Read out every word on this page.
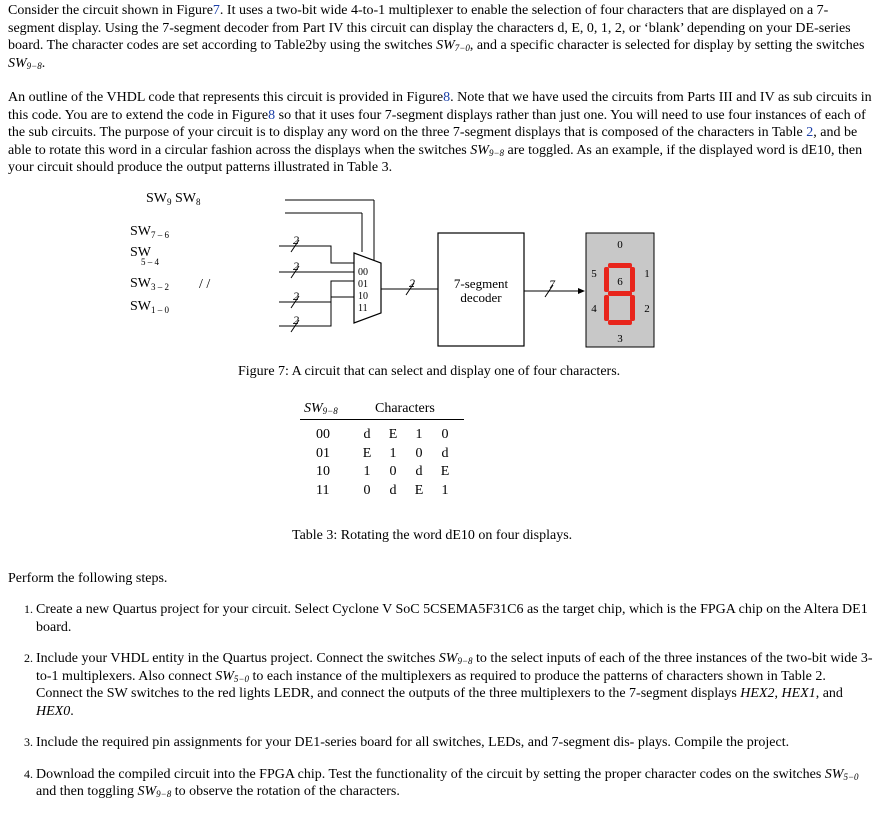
Consider the circuit shown in Figure7. It uses a two-bit wide 4-to-1 multiplexer to enable the selection of four characters that are displayed on a 7-segment display. Using the 7-segment decoder from Part IV this circuit can display the characters d, E, 0, 1, 2, or ‘blank’ depending on your DE-series board. The character codes are set according to Table2by using the switches $SW_{7-0}$, and a specific character is selected for display by setting the switches $SW_{9-8}$.

An outline of the VHDL code that represents this circuit is provided in Figure8. Note that we have used the circuits from Parts III and IV as sub circuits in this code. You are to extend the code in Figure8 so that it uses four 7-segment displays rather than just one. You will need to use four instances of each of the sub circuits. The purpose of your circuit is to display any word on the three 7-segment displays that is composed of the characters in Table 2, and be able to rotate this word in a circular fashion across the displays when the switches $SW_{9-8}$ are toggled. As an example, if the displayed word is dE10, then your circuit should produce the output patterns illustrated in Table 3.

$SW_9$ $SW_8$
$SW_{7 - 6}$
SW 5 – 4
$SW_{3 - 2}$
$SW_{1 - 0}$
/ /
2
2
2
2
00
01
10
11
2	7-segment
decoder
7
0
1
2
3
4
5
6
Figure 7: A circuit that can select and display one of four characters.
$SW_{9-8}$	Characters
00 d E 1 0
01 E 1 0 d
10 1 0 d E
11 0 d E 1
Table 3: Rotating the word dE10 on four displays.

Perform the following steps.

1. Create a new Quartus project for your circuit. Select Cyclone V SoC 5CSEMA5F31C6 as the target chip, which is the FPGA chip on the Altera DE1 board.
2. Include your VHDL entity in the Quartus project. Connect the switches $SW_{9-8}$ to the select inputs of each of the three instances of the two-bit wide 3-to-1 multiplexers. Also connect $SW_{5-0}$ to each instance of the multiplexers as required to produce the patterns of characters shown in Table 2. Connect the SW switches to the red lights LEDR, and connect the outputs of the three multiplexers to the 7-segment displays HEX2, HEX1, and HEX0.
3. Include the required pin assignments for your DE1-series board for all switches, LEDs, and 7-segment dis- plays. Compile the project.
4. Download the compiled circuit into the FPGA chip. Test the functionality of the circuit by setting the proper character codes on the switches $SW_{5-0}$ and then toggling $SW_{9-8}$ to observe the rotation of the characters.
